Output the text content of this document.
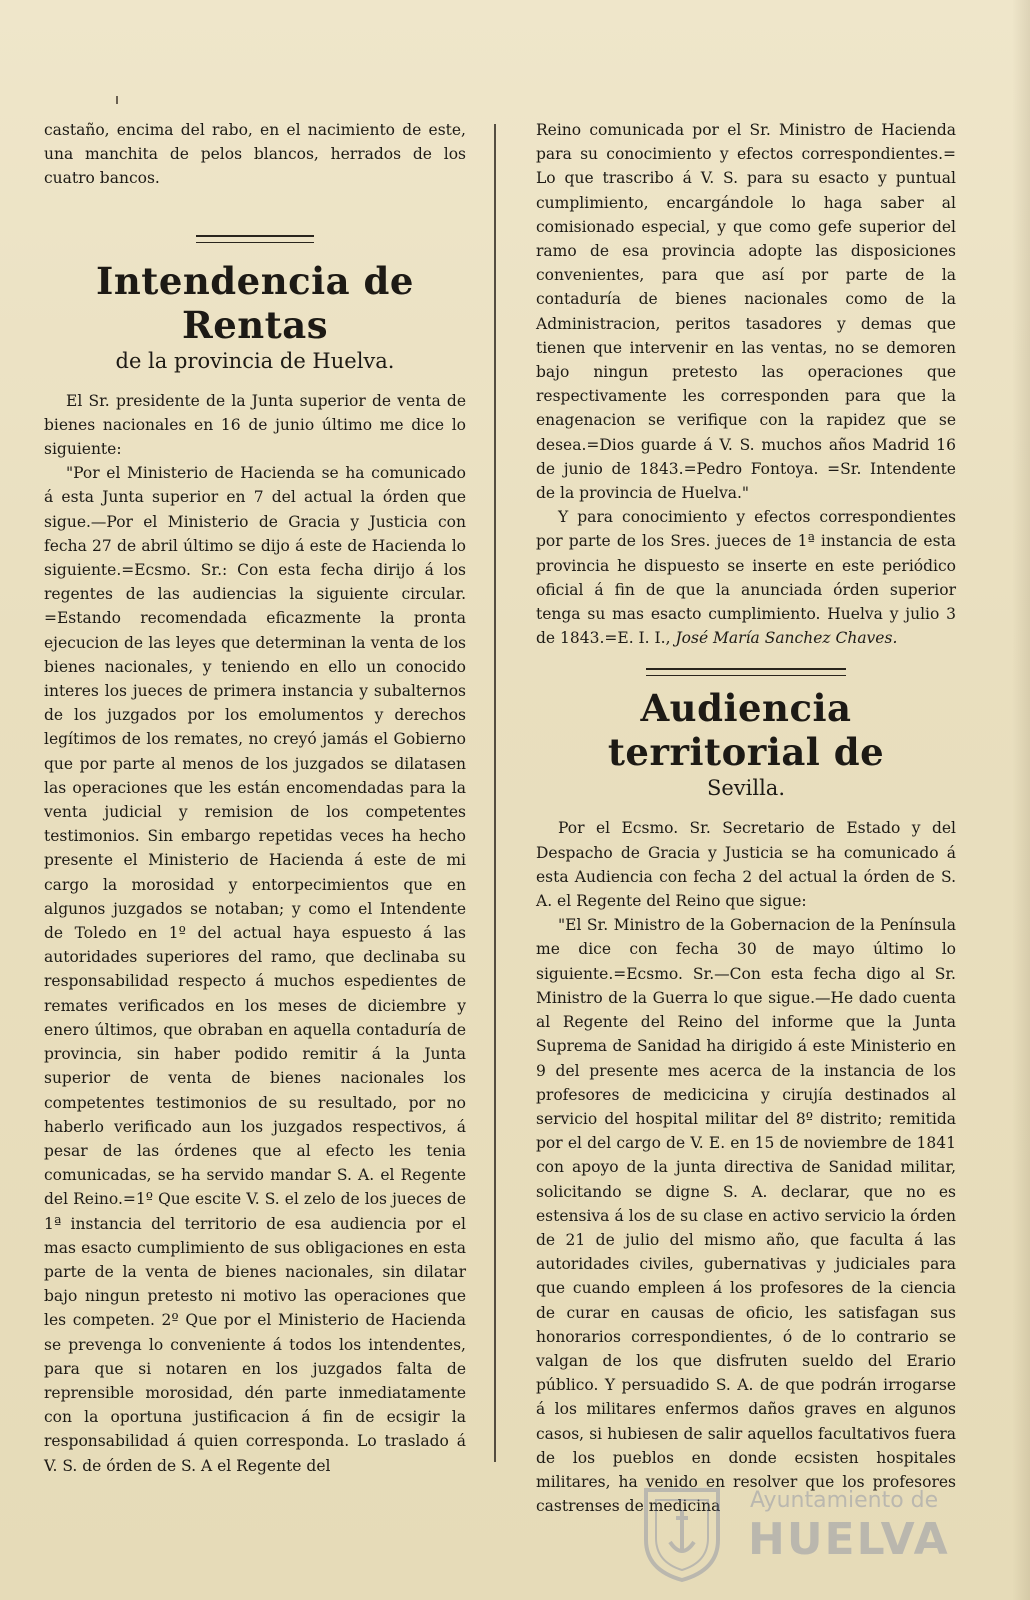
castaño, encima del rabo, en el nacimiento de este, una manchita de pelos blancos, herrados de los cuatro bancos.

Intendencia de Rentas

de la provincia de Huelva.

El Sr. presidente de la Junta superior de venta de bienes nacionales en 16 de junio último me dice lo siguiente:

"Por el Ministerio de Hacienda se ha comunicado á esta Junta superior en 7 del actual la órden que sigue.—Por el Ministerio de Gracia y Justicia con fecha 27 de abril último se dijo á este de Hacienda lo siguiente.=Ecsmo. Sr.: Con esta fecha dirijo á los regentes de las audiencias la siguiente circular. =Estando recomendada eficazmente la pronta ejecucion de las leyes que determinan la venta de los bienes nacionales, y teniendo en ello un conocido interes los jueces de primera instancia y subalternos de los juzgados por los emolumentos y derechos legítimos de los remates, no creyó jamás el Gobierno que por parte al menos de los juzgados se dilatasen las operaciones que les están encomendadas para la venta judicial y remision de los competentes testimonios. Sin embargo repetidas veces ha hecho presente el Ministerio de Hacienda á este de mi cargo la morosidad y entorpecimientos que en algunos juzgados se notaban; y como el Intendente de Toledo en 1º del actual haya espuesto á las autoridades superiores del ramo, que declinaba su responsabilidad respecto á muchos espedientes de remates verificados en los meses de diciembre y enero últimos, que obraban en aquella contaduría de provincia, sin haber podido remitir á la Junta superior de venta de bienes nacionales los competentes testimonios de su resultado, por no haberlo verificado aun los juzgados respectivos, á pesar de las órdenes que al efecto les tenia comunicadas, se ha servido mandar S. A. el Regente del Reino.=1º Que escite V. S. el zelo de los jueces de 1ª instancia del territorio de esa audiencia por el mas esacto cumplimiento de sus obligaciones en esta parte de la venta de bienes nacionales, sin dilatar bajo ningun pretesto ni motivo las operaciones que les competen. 2º Que por el Ministerio de Hacienda se prevenga lo conveniente á todos los intendentes, para que si notaren en los juzgados falta de reprensible morosidad, dén parte inmediatamente con la oportuna justificacion á fin de ecsigir la responsabilidad á quien corresponda. Lo traslado á V. S. de órden de S. A el Regente del

Reino comunicada por el Sr. Ministro de Hacienda para su conocimiento y efectos correspondientes.= Lo que trascribo á V. S. para su esacto y puntual cumplimiento, encargándole lo haga saber al comisionado especial, y que como gefe superior del ramo de esa provincia adopte las disposiciones convenientes, para que así por parte de la contaduría de bienes nacionales como de la Administracion, peritos tasadores y demas que tienen que intervenir en las ventas, no se demoren bajo ningun pretesto las operaciones que respectivamente les corresponden para que la enagenacion se verifique con la rapidez que se desea.=Dios guarde á V. S. muchos años Madrid 16 de junio de 1843.=Pedro Fontoya. =Sr. Intendente de la provincia de Huelva."

Y para conocimiento y efectos correspondientes por parte de los Sres. jueces de 1ª instancia de esta provincia he dispuesto se inserte en este periódico oficial á fin de que la anunciada órden superior tenga su mas esacto cumplimiento. Huelva y julio 3 de 1843.=E. I. I., José María Sanchez Chaves.

Audiencia territorial de

Sevilla.

Por el Ecsmo. Sr. Secretario de Estado y del Despacho de Gracia y Justicia se ha comunicado á esta Audiencia con fecha 2 del actual la órden de S. A. el Regente del Reino que sigue:

"El Sr. Ministro de la Gobernacion de la Península me dice con fecha 30 de mayo último lo siguiente.=Ecsmo. Sr.—Con esta fecha digo al Sr. Ministro de la Guerra lo que sigue.—He dado cuenta al Regente del Reino del informe que la Junta Suprema de Sanidad ha dirigido á este Ministerio en 9 del presente mes acerca de la instancia de los profesores de medicicina y cirujía destinados al servicio del hospital militar del 8º distrito; remitida por el del cargo de V. E. en 15 de noviembre de 1841 con apoyo de la junta directiva de Sanidad militar, solicitando se digne S. A. declarar, que no es estensiva á los de su clase en activo servicio la órden de 21 de julio del mismo año, que faculta á las autoridades civiles, gubernativas y judiciales para que cuando empleen á los profesores de la ciencia de curar en causas de oficio, les satisfagan sus honorarios correspondientes, ó de lo contrario se valgan de los que disfruten sueldo del Erario público. Y persuadido S. A. de que podrán irrogarse á los militares enfermos daños graves en algunos casos, si hubiesen de salir aquellos facultativos fuera de los pueblos en donde ecsisten hospitales militares, ha venido en resolver que los profesores castrenses de medicina	Ayuntamiento de
HUELVA
